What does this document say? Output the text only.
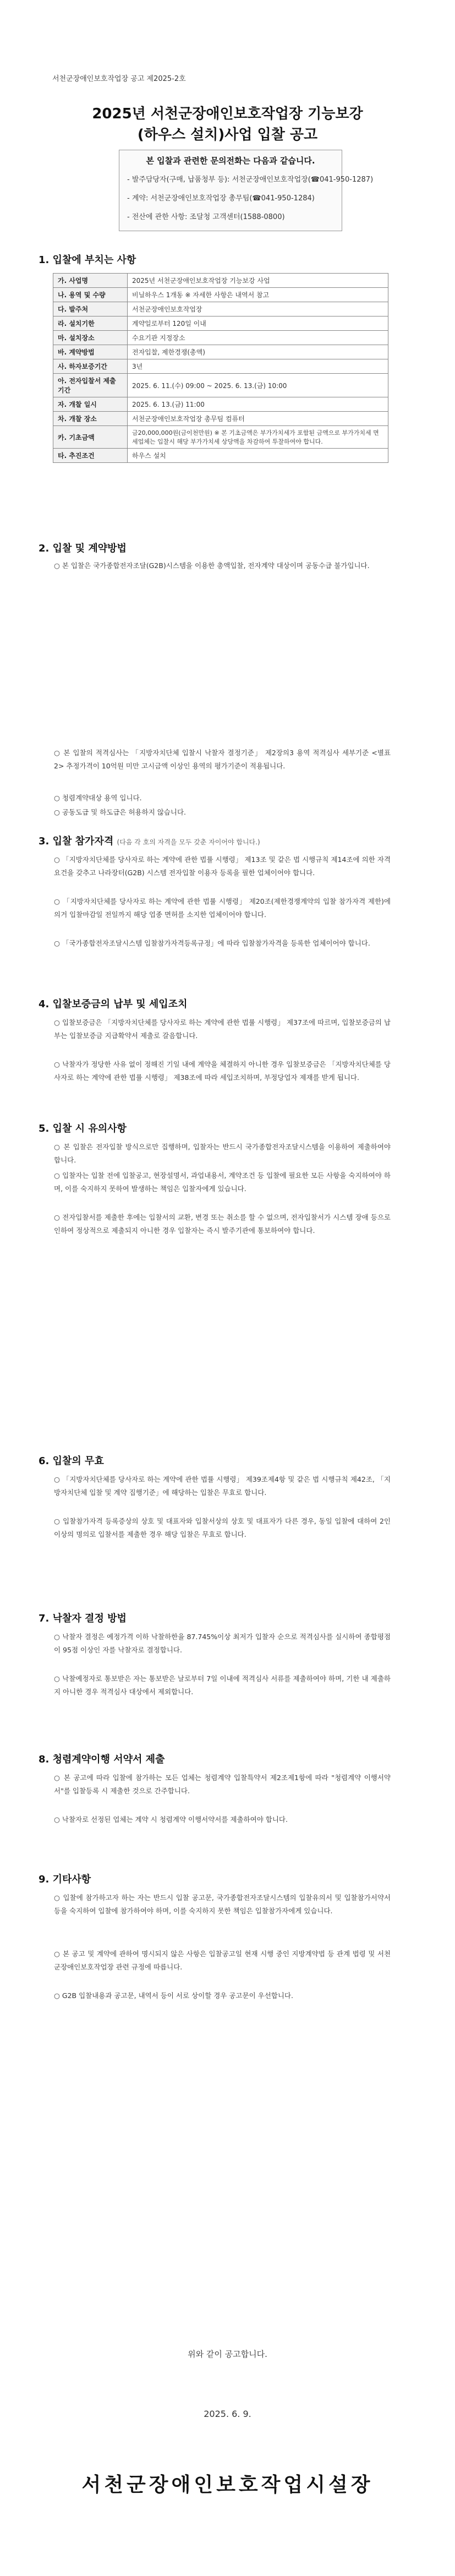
서천군장애인보호작업장 공고 제2025-2호
2025년 서천군장애인보호작업장 기능보강
(하우스 설치)사업 입찰 공고
본 입찰과 관련한 문의전화는 다음과 같습니다.
- 발주담당자(구매, 납품청부 등): 서천군장애인보호작업장(☎041-950-1287)
- 계약: 서천군장애인보호작업장 총무팀(☎041-950-1284)
- 전산에 관한 사항: 조달청 고객센터(1588-0800)
1. 입찰에 부치는 사항
가. 사업명	2025년 서천군장애인보호작업장 기능보강 사업
나. 용역 및 수량	비닐하우스 1개동 ※ 자세한 사항은 내역서 참고
다. 발주처	서천군장애인보호작업장
라. 설치기한	계약일로부터 120일 이내
마. 설치장소	수요기관 지정장소
바. 계약방법	전자입찰, 제한경쟁(총액)
사. 하자보증기간	3년
아. 전자입찰서 제출 기간	2025. 6. 11.(수) 09:00 ~ 2025. 6. 13.(금) 10:00
자. 개찰 일시	2025. 6. 13.(금) 11:00
차. 개찰 장소	서천군장애인보호작업장 총무팀 컴퓨터
카. 기초금액	금20,000,000원(금이천만원) ※ 본 기초금액은 부가가치세가 포함된 금액으로 부가가치세 면세업체는 입찰시 해당 부가가치세 상당액을 차감하여 투찰하여야 합니다.
타. 추진조건	하우스 설치
2. 입찰 및 계약방법
○ 본 입찰은 국가종합전자조달(G2B)시스템을 이용한 총액입찰, 전자계약 대상이며 공동수급 불가입니다.
○ 본 입찰의 적격심사는 「지방자치단체 입찰시 낙찰자 결정기준」 제2장의3 용역 적격심사 세부기준 <별표 2> 추정가격이 10억원 미만 고시금액 이상인 용역의 평가기준이 적용됩니다.
○ 청렴계약대상 용역 입니다.
○ 공동도급 및 하도급은 허용하지 않습니다.
3. 입찰 참가자격 (다음 각 호의 자격을 모두 갖춘 자이어야 합니다.)
○ 「지방자치단체를 당사자로 하는 계약에 관한 법률 시행령」 제13조 및 같은 법 시행규칙 제14조에 의한 자격 요건을 갖추고 나라장터(G2B) 시스템 전자입찰 이용자 등록을 필한 업체이어야 합니다.
○ 「지방자치단체를 당사자로 하는 계약에 관한 법률 시행령」 제20조(제한경쟁계약의 입찰 참가자격 제한)에 의거 입찰마감일 전일까지 해당 업종 면허를 소지한 업체이어야 합니다.
○ 「국가종합전자조달시스템 입찰참가자격등록규정」에 따라 입찰참가자격을 등록한 업체이어야 합니다.
4. 입찰보증금의 납부 및 세입조치
○ 입찰보증금은 「지방자치단체를 당사자로 하는 계약에 관한 법률 시행령」 제37조에 따르며, 입찰보증금의 납부는 입찰보증금 지급확약서 제출로 갈음합니다.
○ 낙찰자가 정당한 사유 없이 정해진 기일 내에 계약을 체결하지 아니한 경우 입찰보증금은 「지방자치단체를 당사자로 하는 계약에 관한 법률 시행령」 제38조에 따라 세입조치하며, 부정당업자 제재를 받게 됩니다.
5. 입찰 시 유의사항
○ 본 입찰은 전자입찰 방식으로만 집행하며, 입찰자는 반드시 국가종합전자조달시스템을 이용하여 제출하여야 합니다.
○ 입찰자는 입찰 전에 입찰공고, 현장설명서, 과업내용서, 계약조건 등 입찰에 필요한 모든 사항을 숙지하여야 하며, 이를 숙지하지 못하여 발생하는 책임은 입찰자에게 있습니다.
○ 전자입찰서를 제출한 후에는 입찰서의 교환, 변경 또는 취소를 할 수 없으며, 전자입찰서가 시스템 장애 등으로 인하여 정상적으로 제출되지 아니한 경우 입찰자는 즉시 발주기관에 통보하여야 합니다.
6. 입찰의 무효
○ 「지방자치단체를 당사자로 하는 계약에 관한 법률 시행령」 제39조제4항 및 같은 법 시행규칙 제42조, 「지방자치단체 입찰 및 계약 집행기준」에 해당하는 입찰은 무효로 합니다.
○ 입찰참가자격 등록증상의 상호 및 대표자와 입찰서상의 상호 및 대표자가 다른 경우, 동일 입찰에 대하여 2인 이상의 명의로 입찰서를 제출한 경우 해당 입찰은 무효로 합니다.
7. 낙찰자 결정 방법
○ 낙찰자 결정은 예정가격 이하 낙찰하한율 87.745%이상 최저가 입찰자 순으로 적격심사를 실시하여 종합평점이 95점 이상인 자를 낙찰자로 결정합니다.
○ 낙찰예정자로 통보받은 자는 통보받은 날로부터 7일 이내에 적격심사 서류를 제출하여야 하며, 기한 내 제출하지 아니한 경우 적격심사 대상에서 제외합니다.
8. 청렴계약이행 서약서 제출
○ 본 공고에 따라 입찰에 참가하는 모든 업체는 청렴계약 입찰특약서 제2조제1항에 따라 "청렴계약 이행서약서"를 입찰등록 시 제출한 것으로 간주합니다.
○ 낙찰자로 선정된 업체는 계약 시 청렴계약 이행서약서를 제출하여야 합니다.
9. 기타사항
○ 입찰에 참가하고자 하는 자는 반드시 입찰 공고문, 국가종합전자조달시스템의 입찰유의서 및 입찰참가서약서 등을 숙지하여 입찰에 참가하여야 하며, 이를 숙지하지 못한 책임은 입찰참가자에게 있습니다.
○ 본 공고 및 계약에 관하여 명시되지 않은 사항은 입찰공고일 현재 시행 중인 지방계약법 등 관계 법령 및 서천군장애인보호작업장 관련 규정에 따릅니다.
○ G2B 입찰내용과 공고문, 내역서 등이 서로 상이할 경우 공고문이 우선합니다.
위와 같이 공고합니다.
2025. 6. 9.
서천군장애인보호작업시설장
